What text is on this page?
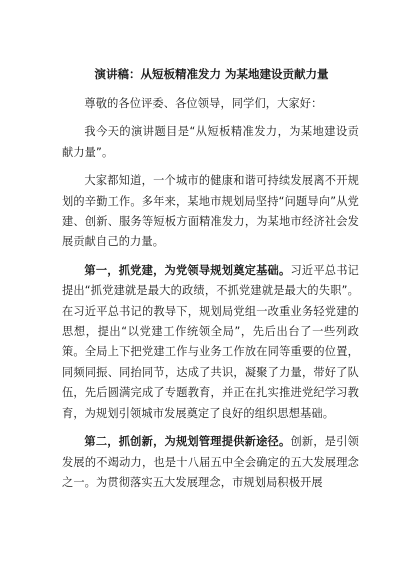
演讲稿：从短板精准发力 为某地建设贡献力量

尊敬的各位评委、各位领导，同学们，大家好：

我今天的演讲题目是“从短板精准发力，为某地建设贡献力量”。

大家都知道，一个城市的健康和谐可持续发展离不开规划的辛勤工作。多年来，某地市规划局坚持“问题导向”从党建、创新、服务等短板方面精准发力，为某地市经济社会发展贡献自己的力量。

第一，抓党建，为党领导规划奠定基础。习近平总书记提出“抓党建就是最大的政绩，不抓党建就是最大的失职”。在习近平总书记的教导下，规划局党组一改重业务轻党建的思想，提出“以党建工作统领全局”，先后出台了一些列政策。全局上下把党建工作与业务工作放在同等重要的位置，同频同振、同抬同节，达成了共识，凝聚了力量，带好了队伍，先后圆满完成了专题教育，并正在扎实推进党纪学习教育，为规划引领城市发展奠定了良好的组织思想基础。

第二，抓创新，为规划管理提供新途径。创新，是引领发展的不竭动力，也是十八届五中全会确定的五大发展理念之一。为贯彻落实五大发展理念，市规划局积极开展
